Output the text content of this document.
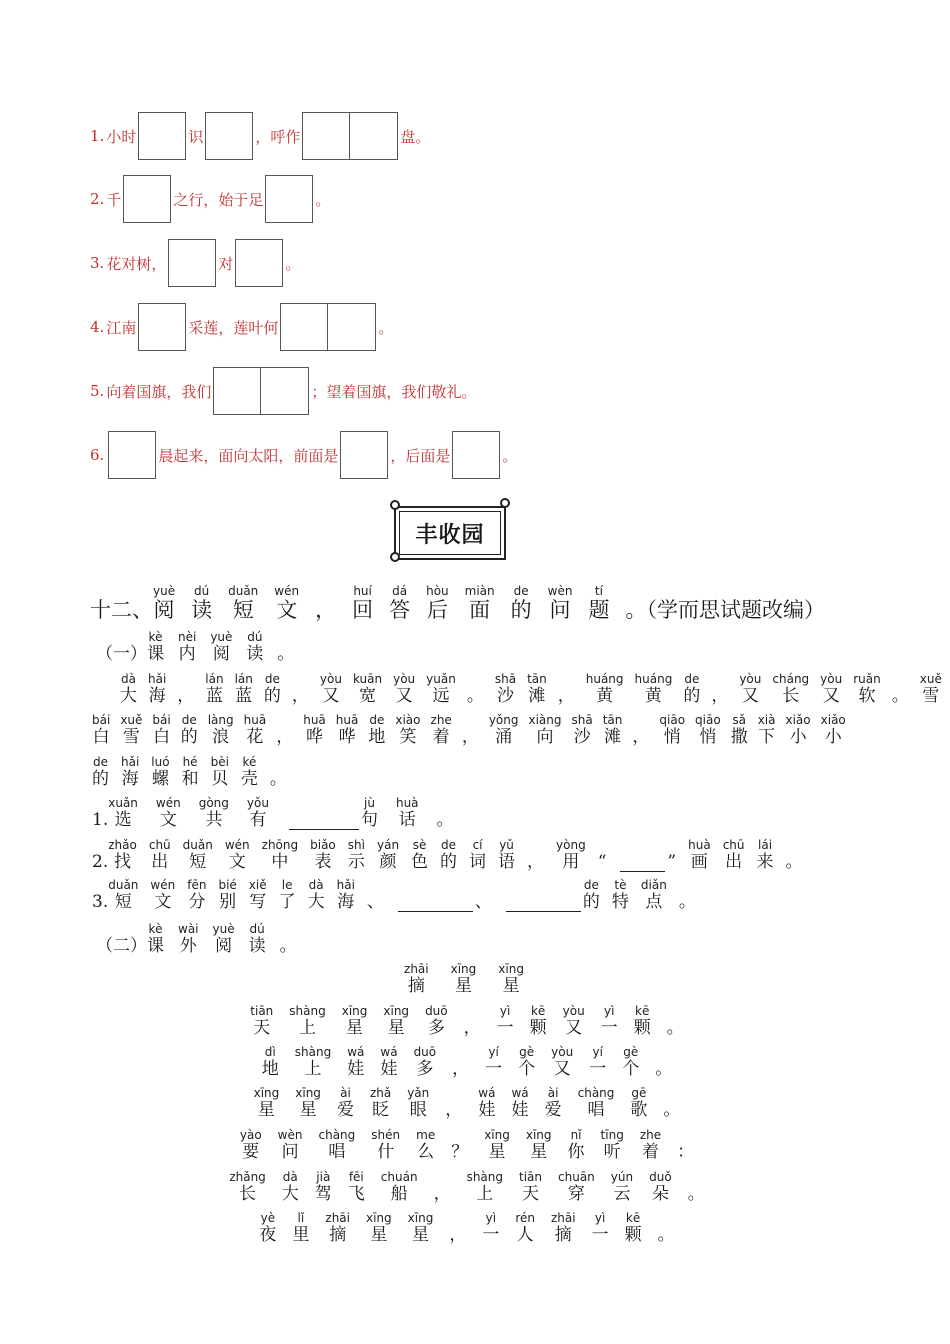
1. 小时	识	，呼作	盘。
2. 千	之行，始于足	。
3. 花对树，	对	。
4. 江南	采莲，莲叶何	。
5. 向着国旗，我们	；望着国旗，我们敬礼。
6.	晨起来，面向太阳，前面是	，后面是	。
丰收园
十二、
yuè
阅
dú
读
duǎn
短
wén
文 ，
huí
回
dá
答
hòu
后
miàn
面
de
的
wèn
问
tí
题 。（学而思试题改编）
（一）
kè
课
nèi
内
yuè
阅
dú
读 。
dà
大
hǎi
海 ，
lán
蓝
lán
蓝
de
的 ，
yòu
又
kuān
宽
yòu
又
yuǎn
远 。
shā
沙
tān
滩 ，
huáng
黄
huáng
黄
de
的 ，
yòu
又
cháng
长
yòu
又
ruǎn
软 。
xuě
雪
bái
白
xuě
雪
bái
白
de
的
làng
浪
huā
花 ，
huā
哗
huā
哗
de
地
xiào
笑
zhe
着 ，
yǒng
涌
xiàng
向
shā
沙
tān
滩 ，
qiāo
悄
qiāo
悄
sǎ
撒
xià
下
xiǎo
小
xiǎo
小
de
的
hǎi
海
luó
螺
hé
和
bèi
贝
ké
壳 。
1.
xuǎn
选
wén
文
gòng
共
yǒu
有
jù
句
huà
话 。
2.
zhǎo
找
chū
出
duǎn
短
wén
文
zhōng
中
biǎo
表
shì
示
yán
颜
sè
色
de
的
cí
词
yǔ
语 ，
yòng
用 “	”
huà
画
chū
出
lái
来 。
3.
duǎn
短
wén
文
fēn
分
bié
别
xiě
写
le
了
dà
大
hǎi
海 、	、
de
的
tè
特
diǎn
点 。
（二）
kè
课
wài
外
yuè
阅
dú
读 。
zhāi
摘
xīng
星
xīng
星
tiān
天
shàng
上
xīng
星
xīng
星
duō
多 ，
yì
一
kē
颗
yòu
又
yì
一
kē
颗 。
dì
地
shàng
上
wá
娃
wá
娃
duō
多 ，
yí
一
gè
个
yòu
又
yí
一
gè
个 。
xīng
星
xīng
星
ài
爱
zhǎ
眨
yǎn
眼 ，
wá
娃
wá
娃
ài
爱
chàng
唱
gē
歌 。
yào
要
wèn
问
chàng
唱
shén
什
me
么 ？
xīng
星
xīng
星
nǐ
你
tīng
听
zhe
着 ：
zhǎng
长
dà
大
jià
驾
fēi
飞
chuán
船 ，
shàng
上
tiān
天
chuān
穿
yún
云
duǒ
朵 。
yè
夜
lǐ
里
zhāi
摘
xīng
星
xīng
星 ，
yì
一
rén
人
zhāi
摘
yì
一
kē
颗 。
